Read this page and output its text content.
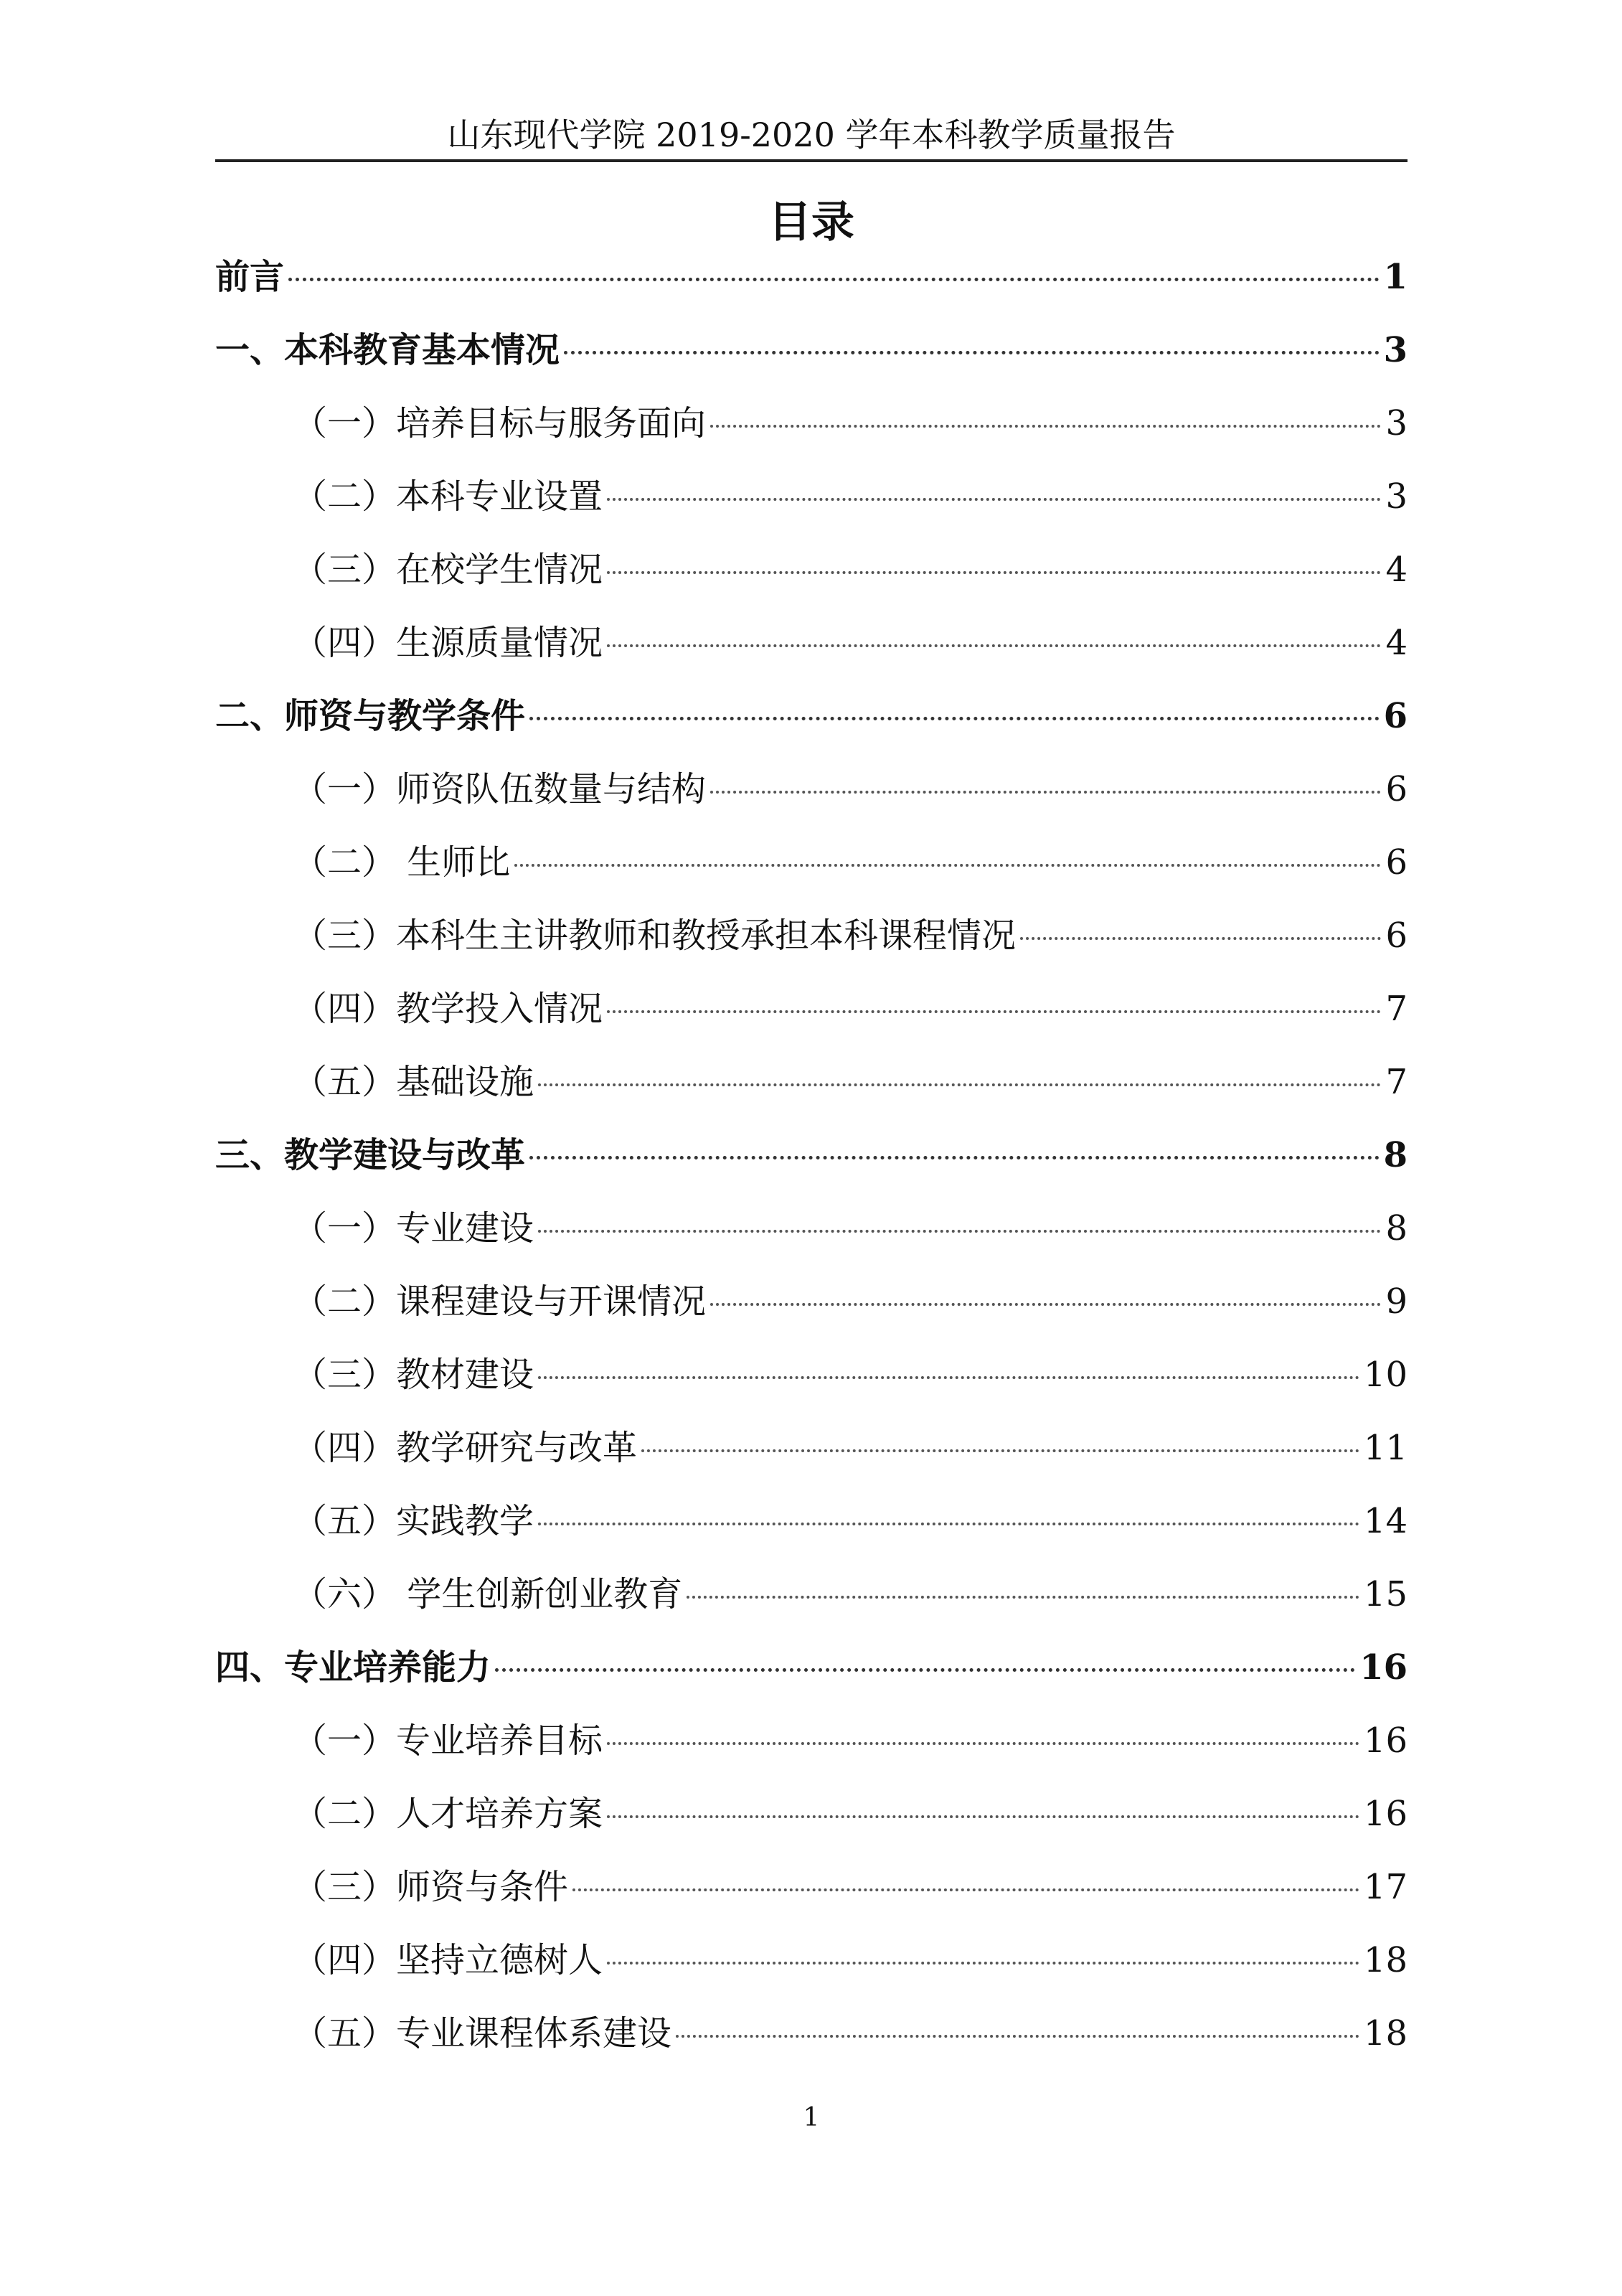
山东现代学院 2019-2020 学年本科教学质量报告
目录
前言	1
一、本科教育基本情况	3
（一）培养目标与服务面向	3
（二）本科专业设置	3
（三）在校学生情况	4
（四）生源质量情况	4
二、师资与教学条件	6
（一）师资队伍数量与结构	6
（二） 生师比	6
（三）本科生主讲教师和教授承担本科课程情况	6
（四）教学投入情况	7
（五）基础设施	7
三、教学建设与改革	8
（一）专业建设	8
（二）课程建设与开课情况	9
（三）教材建设	10
（四）教学研究与改革	11
（五）实践教学	14
（六） 学生创新创业教育	15
四、专业培养能力	16
（一）专业培养目标	16
（二）人才培养方案	16
（三）师资与条件	17
（四）坚持立德树人	18
（五）专业课程体系建设	18
1
